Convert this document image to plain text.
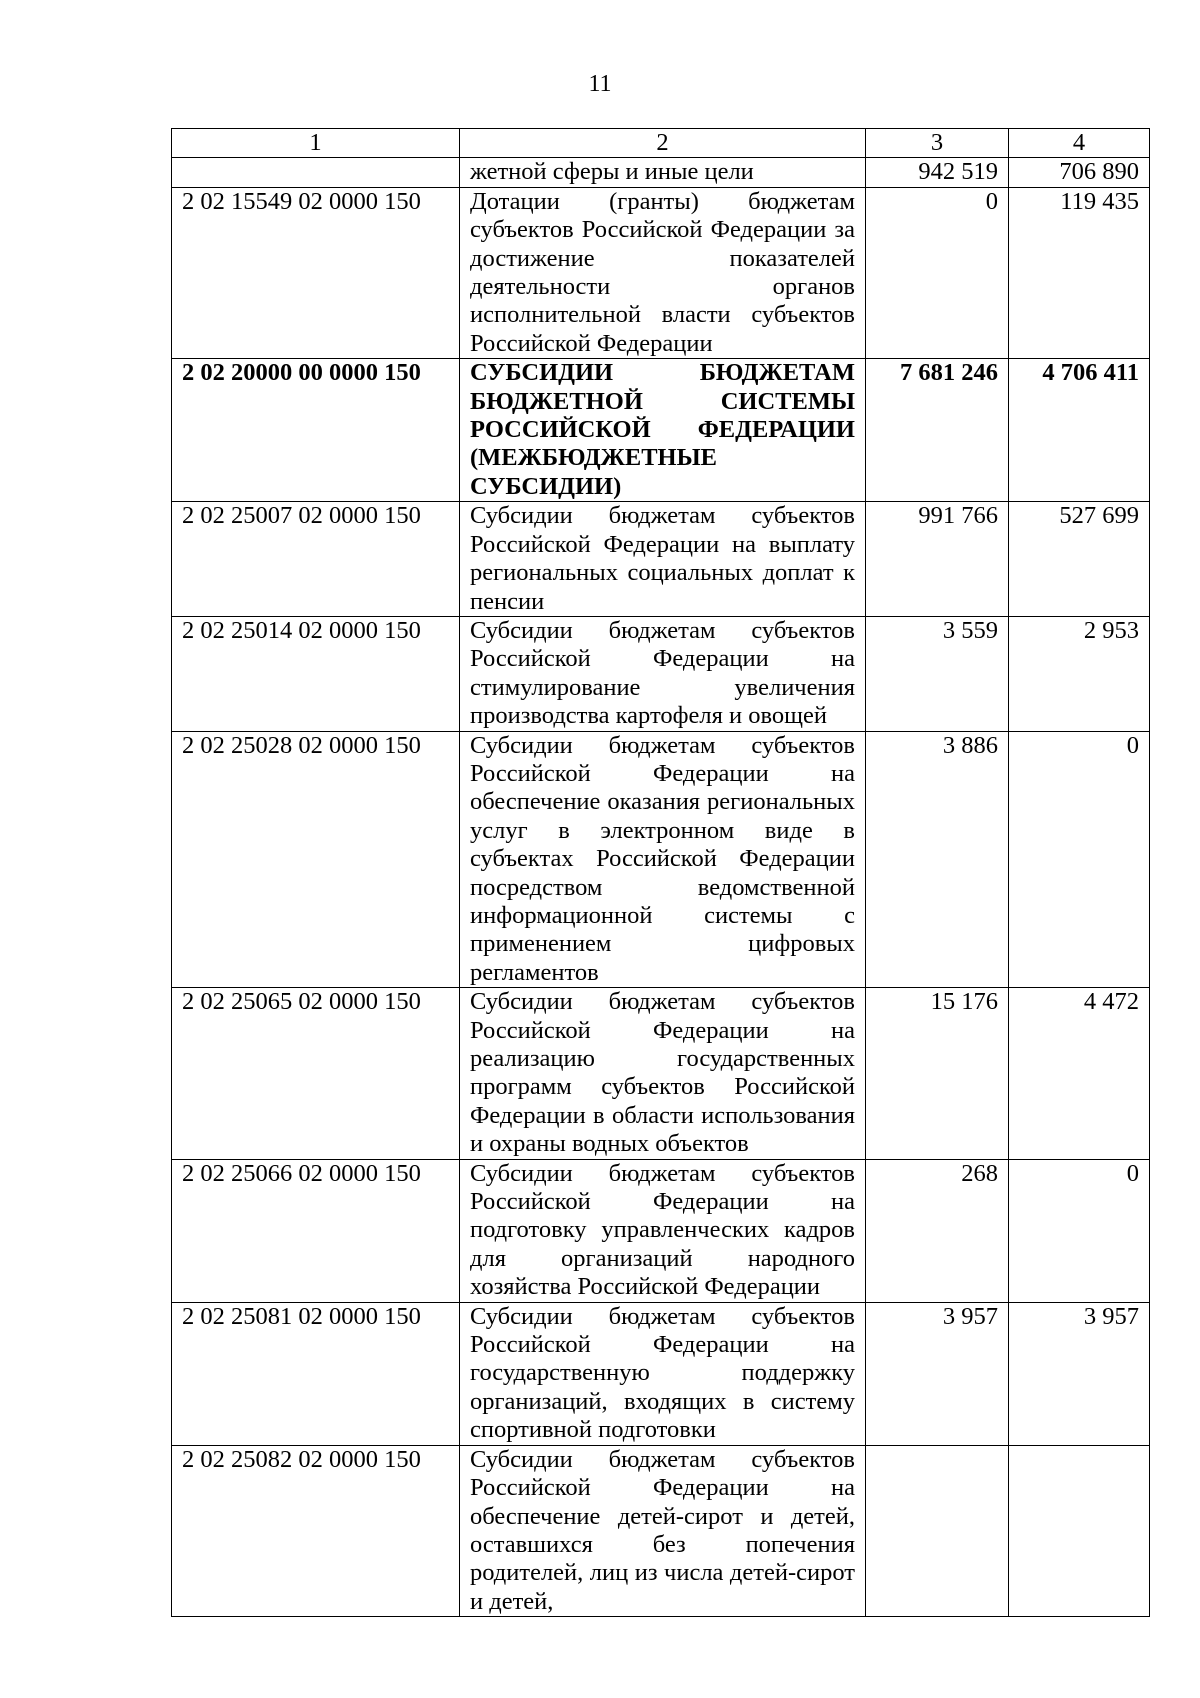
11
1	2	3	4
	жетной сферы и иные цели	942 519	706 890
2 02 15549 02 0000 150	Дотации (гранты) бюджетам субъектов Российской Федерации за достижение показателей деятельности органов исполнительной власти субъектов Российской Федерации	0	119 435
2 02 20000 00 0000 150	СУБСИДИИ БЮДЖЕТАМ БЮДЖЕТНОЙ СИСТЕМЫ РОССИЙСКОЙ ФЕДЕРАЦИИ (МЕЖБЮДЖЕТНЫЕ СУБСИДИИ)	7 681 246	4 706 411
2 02 25007 02 0000 150	Субсидии бюджетам субъектов Российской Федерации на выплату региональных социальных доплат к пенсии	991 766	527 699
2 02 25014 02 0000 150	Субсидии бюджетам субъектов Российской Федерации на стимулирование увеличения производства картофеля и овощей	3 559	2 953
2 02 25028 02 0000 150	Субсидии бюджетам субъектов Российской Федерации на обеспечение оказания региональных услуг в электронном виде в субъектах Российской Федерации посредством ведомственной информационной системы с применением цифровых регламентов	3 886	0
2 02 25065 02 0000 150	Субсидии бюджетам субъектов Российской Федерации на реализацию государственных программ субъектов Российской Федерации в области использования и охраны водных объектов	15 176	4 472
2 02 25066 02 0000 150	Субсидии бюджетам субъектов Российской Федерации на подготовку управленческих кадров для организаций народного хозяйства Российской Федерации	268	0
2 02 25081 02 0000 150	Субсидии бюджетам субъектов Российской Федерации на государственную поддержку организаций, входящих в систему спортивной подготовки	3 957	3 957
2 02 25082 02 0000 150	Субсидии бюджетам субъектов Российской Федерации на обеспечение детей-сирот и детей, оставшихся без попечения родителей, лиц из числа детей-сирот и детей,		
